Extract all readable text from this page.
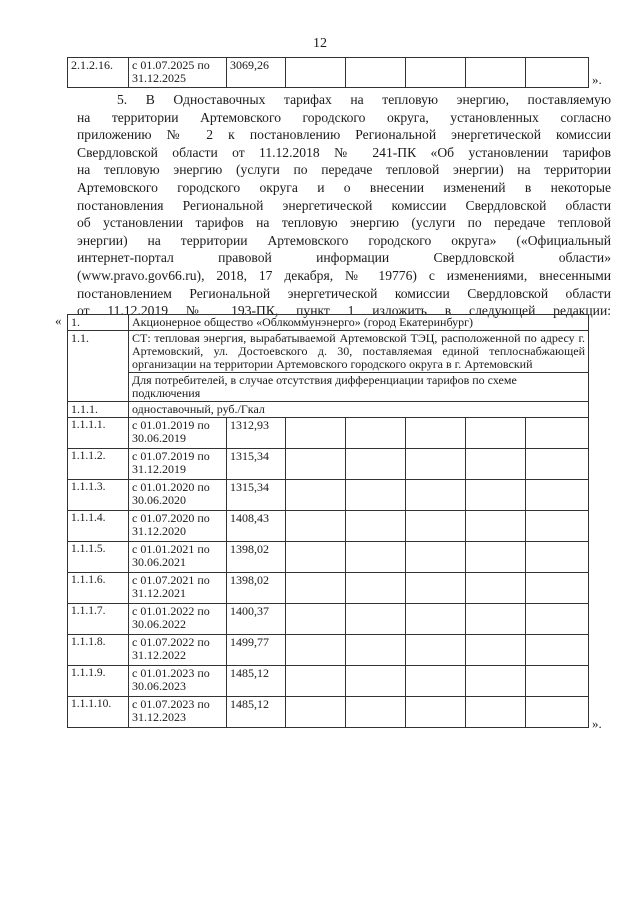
12
2.1.2.16.	с 01.07.2025 по 31.12.2025	3069,26					
».
5. В Одноставочных тарифах на тепловую энергию, поставляемую
на территории Артемовского городского округа, установленных согласно
приложению № 2 к постановлению Региональной энергетической комиссии
Свердловской области от 11.12.2018 № 241-ПК «Об установлении тарифов
на тепловую энергию (услуги по передаче тепловой энергии) на территории
Артемовского городского округа и о внесении изменений в некоторые
постановления Региональной энергетической комиссии Свердловской области
об установлении тарифов на тепловую энергию (услуги по передаче тепловой
энергии) на территории Артемовского городского округа» («Официальный
интернет-портал правовой информации Свердловской области»
(www.pravo.gov66.ru), 2018, 17 декабря, № 19776) с изменениями, внесенными
постановлением Региональной энергетической комиссии Свердловской области
от 11.12.2019 № 193-ПК, пункт 1 изложить в следующей редакции:
« 1.	Акционерное общество «Облкоммунэнерго» (город Екатеринбург)						
1.1.	СТ: тепловая энергия, вырабатываемой Артемовской ТЭЦ, расположенной по адресу г. Артемовский, ул. Достоевского д. 30, поставляемая единой теплоснабжающей организации на территории Артемовского городского округа в г. Артемовский						
	Для потребителей, в случае отсутствия дифференциации тарифов по схеме подключения						
1.1.1.	одноставочный, руб./Гкал						
1.1.1.1.	с 01.01.2019 по 30.06.2019	1312,93					
1.1.1.2.	с 01.07.2019 по 31.12.2019	1315,34					
1.1.1.3.	с 01.01.2020 по 30.06.2020	1315,34					
1.1.1.4.	с 01.07.2020 по 31.12.2020	1408,43					
1.1.1.5.	с 01.01.2021 по 30.06.2021	1398,02					
1.1.1.6.	с 01.07.2021 по 31.12.2021	1398,02					
1.1.1.7.	с 01.01.2022 по 30.06.2022	1400,37					
1.1.1.8.	с 01.07.2022 по 31.12.2022	1499,77					
1.1.1.9.	с 01.01.2023 по 30.06.2023	1485,12					
1.1.1.10.	с 01.07.2023 по 31.12.2023	1485,12					
».
